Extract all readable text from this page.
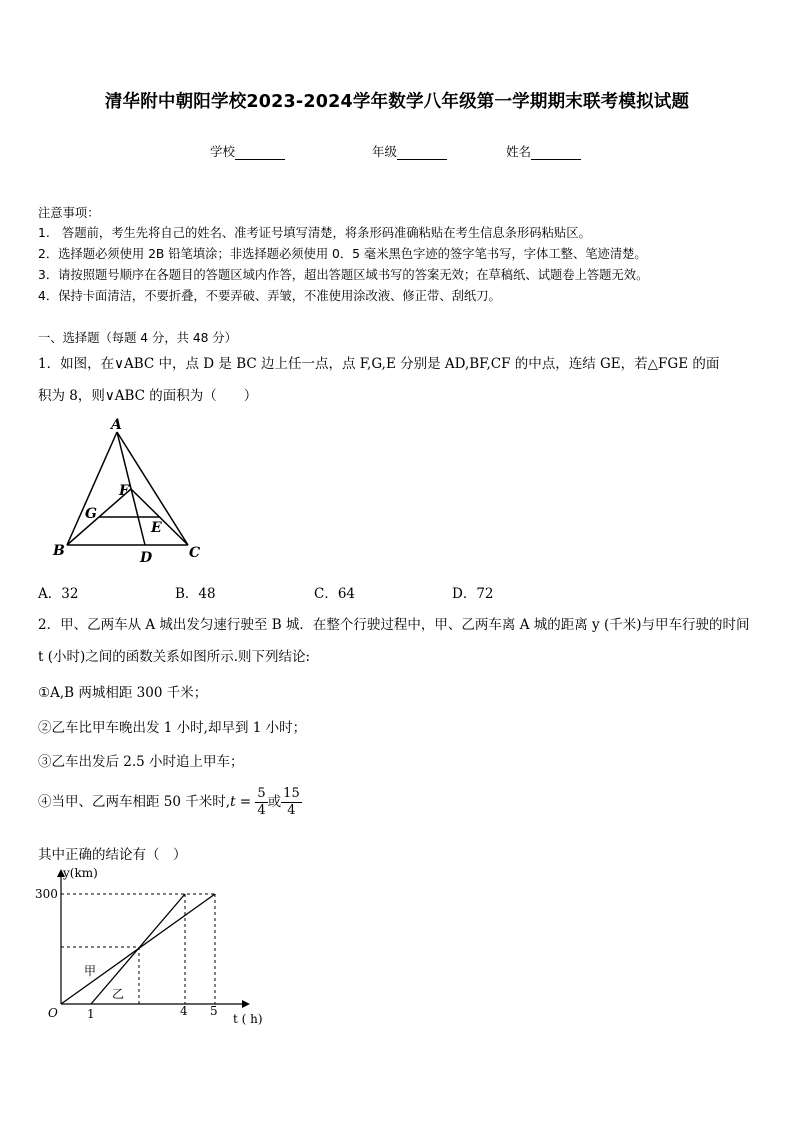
清华附中朝阳学校2023-2024学年数学八年级第一学期期末联考模拟试题
学校	年级	姓名
注意事项：
1.　答题前，考生先将自己的姓名、准考证号填写清楚，将条形码准确粘贴在考生信息条形码粘贴区。
2．选择题必须使用 2B 铅笔填涂；非选择题必须使用 0．5 毫米黑色字迹的签字笔书写，字体工整、笔迹清楚。
3．请按照题号顺序在各题目的答题区域内作答，超出答题区域书写的答案无效；在草稿纸、试题卷上答题无效。
4．保持卡面清洁，不要折叠，不要弄破、弄皱，不准使用涂改液、修正带、刮纸刀。
一、选择题（每题 4 分，共 48 分）
1．如图，在∨ABC 中，点 D 是 BC 边上任一点，点 F,G,E 分别是 AD,BF,CF 的中点，连结 GE，若△FGE 的面
积为 8，则∨ABC 的面积为（　　）
A
F
G
E
B	D	C
A．32	B．48	C．64	D．72
2．甲、乙两车从 A 城出发匀速行驶至 B 城．在整个行驶过程中，甲、乙两车离 A 城的距离 y (千米)与甲车行驶的时间
t (小时)之间的函数关系如图所示.则下列结论:
①A,B 两城相距 300 千米；
②乙车比甲车晚出发 1 小时,却早到 1 小时；
③乙车出发后 2.5 小时追上甲车；
④当甲、乙两车相距 50 千米时$,t = \frac{5}{4}$ 或 $\frac{15}{4}$
其中正确的结论有（　）
y(km)
300
O 1	4 5
t ( h)
甲
乙
